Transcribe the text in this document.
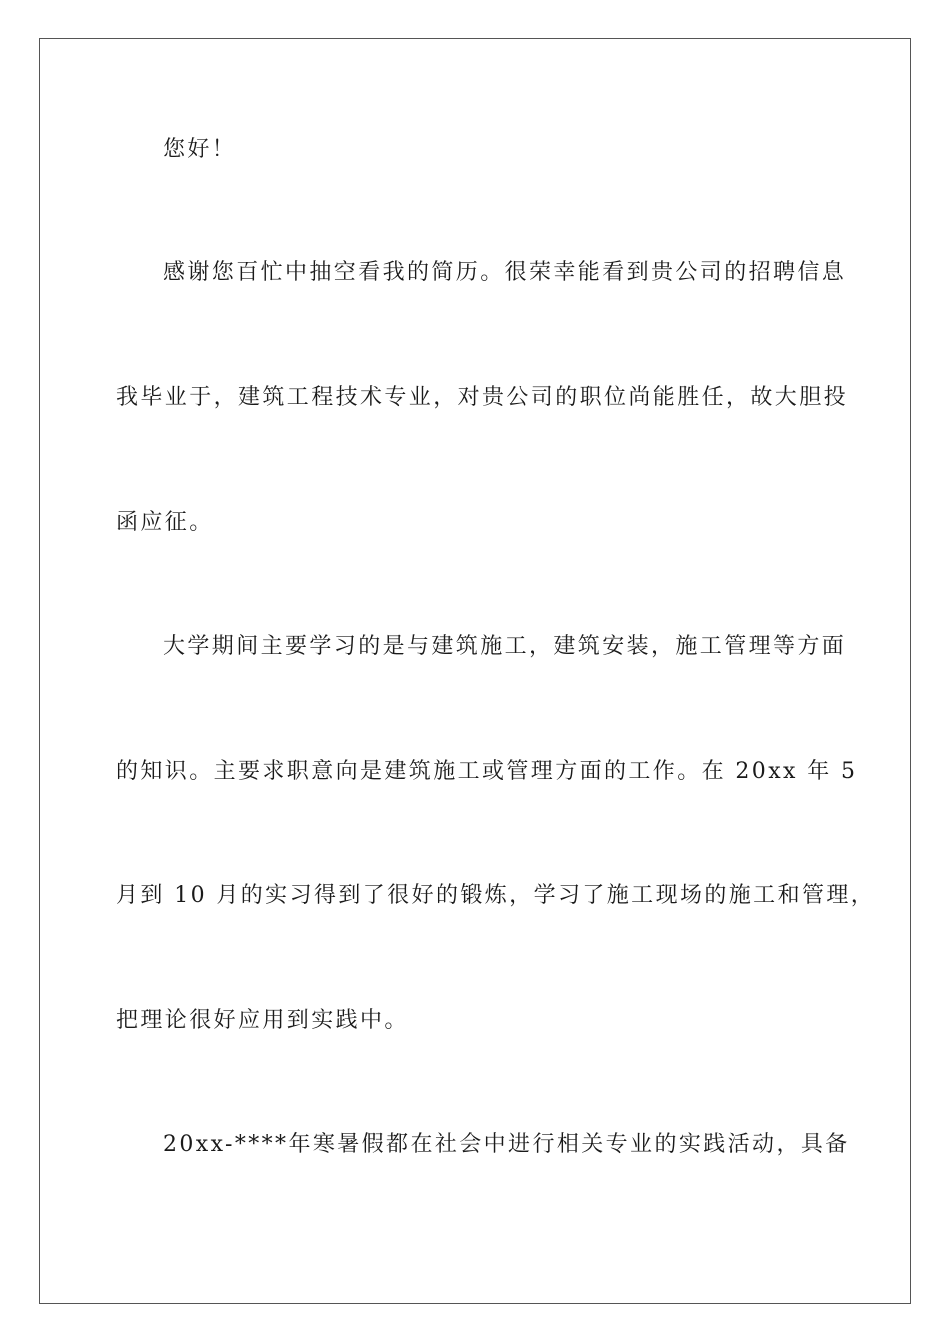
您好！
感谢您百忙中抽空看我的简历。很荣幸能看到贵公司的招聘信息
我毕业于，建筑工程技术专业，对贵公司的职位尚能胜任，故大胆投
函应征。
大学期间主要学习的是与建筑施工，建筑安装，施工管理等方面
的知识。主要求职意向是建筑施工或管理方面的工作。在 20xx 年 5
月到 10 月的实习得到了很好的锻炼，学习了施工现场的施工和管理，
把理论很好应用到实践中。
20xx-****年寒暑假都在社会中进行相关专业的实践活动，具备
